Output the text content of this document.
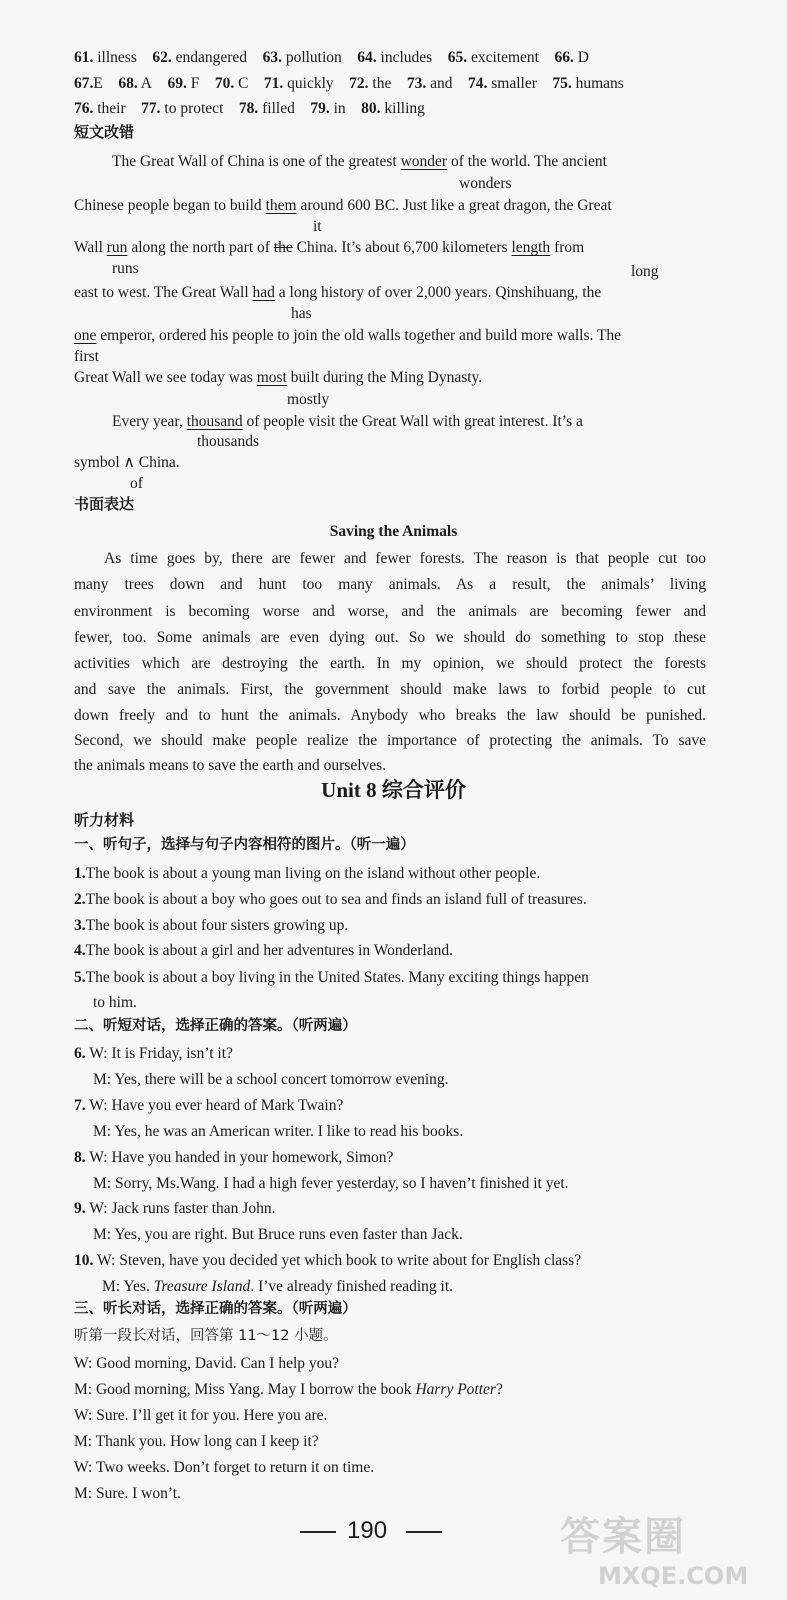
61. illness 62. endangered 63. pollution 64. includes 65. excitement 66. D
67.E 68. A 69. F 70. C 71. quickly 72. the 73. and 74. smaller 75. humans
76. their 77. to protect 78. filled 79. in 80. killing
短文改错
The Great Wall of China is one of the greatest wonder of the world. The ancient
wonders
Chinese people began to build them around 600 BC. Just like a great dragon, the Great
it
Wall run along the north part of the China. It’s about 6,700 kilometers length from
runs	long
east to west. The Great Wall had a long history of over 2,000 years. Qinshihuang, the
has
one emperor, ordered his people to join the old walls together and build more walls. The
first
Great Wall we see today was most built during the Ming Dynasty.
mostly
Every year, thousand of people visit the Great Wall with great interest. It’s a
thousands
symbol ∧ China.
of
书面表达
Saving the Animals
As time goes by, there are fewer and fewer forests. The reason is that people cut too
many trees down and hunt too many animals. As a result, the animals’ living
environment is becoming worse and worse, and the animals are becoming fewer and
fewer, too. Some animals are even dying out. So we should do something to stop these
activities which are destroying the earth. In my opinion, we should protect the forests
and save the animals. First, the government should make laws to forbid people to cut
down freely and to hunt the animals. Anybody who breaks the law should be punished.
Second, we should make people realize the importance of protecting the animals. To save
the animals means to save the earth and ourselves.
Unit 8 综合评价
听力材料
一、听句子，选择与句子内容相符的图片。（听一遍）
1.The book is about a young man living on the island without other people.
2.The book is about a boy who goes out to sea and finds an island full of treasures.
3.The book is about four sisters growing up.
4.The book is about a girl and her adventures in Wonderland.
5.The book is about a boy living in the United States. Many exciting things happen
to him.
二、听短对话，选择正确的答案。（听两遍）
6. W: It is Friday, isn’t it?
M: Yes, there will be a school concert tomorrow evening.
7. W: Have you ever heard of Mark Twain?
M: Yes, he was an American writer. I like to read his books.
8. W: Have you handed in your homework, Simon?
M: Sorry, Ms.Wang. I had a high fever yesterday, so I haven’t finished it yet.
9. W: Jack runs faster than John.
M: Yes, you are right. But Bruce runs even faster than Jack.
10. W: Steven, have you decided yet which book to write about for English class?
M: Yes. Treasure Island. I’ve already finished reading it.
三、听长对话，选择正确的答案。（听两遍）
听第一段长对话，回答第 11～12 小题。
W: Good morning, David. Can I help you?
M: Good morning, Miss Yang. May I borrow the book Harry Potter?
W: Sure. I’ll get it for you. Here you are.
M: Thank you. How long can I keep it?
W: Two weeks. Don’t forget to return it on time.
M: Sure. I won’t.
190	答案圈
MXQE.COM
